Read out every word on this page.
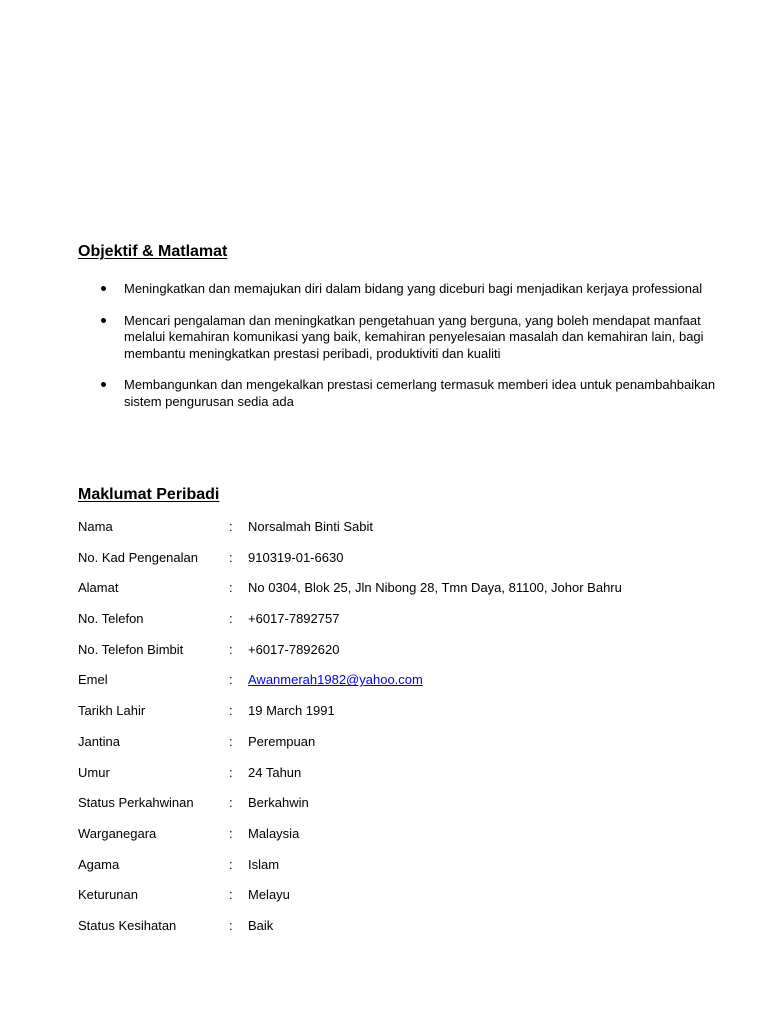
Objektif & Matlamat
Meningkatkan dan memajukan diri dalam bidang yang diceburi bagi menjadikan kerjaya professional
Mencari pengalaman dan meningkatkan pengetahuan yang berguna, yang boleh mendapat manfaat melalui kemahiran komunikasi yang baik, kemahiran penyelesaian masalah dan kemahiran lain, bagi membantu meningkatkan prestasi peribadi, produktiviti dan kualiti
Membangunkan dan mengekalkan prestasi cemerlang termasuk memberi idea untuk penambahbaikan sistem pengurusan sedia ada
Maklumat Peribadi
Nama	: Norsalmah Binti Sabit
No. Kad Pengenalan : 910319-01-6630
Alamat	: No 0304, Blok 25, Jln Nibong 28, Tmn Daya, 81100, Johor Bahru
No. Telefon	: +6017-7892757
No. Telefon Bimbit	: +6017-7892620
Emel	: Awanmerah1982@yahoo.com
Tarikh Lahir	: 19 March 1991
Jantina	: Perempuan
Umur	: 24 Tahun
Status Perkahwinan	: Berkahwin
Warganegara	: Malaysia
Agama	: Islam
Keturunan	: Melayu
Status Kesihatan	: Baik
